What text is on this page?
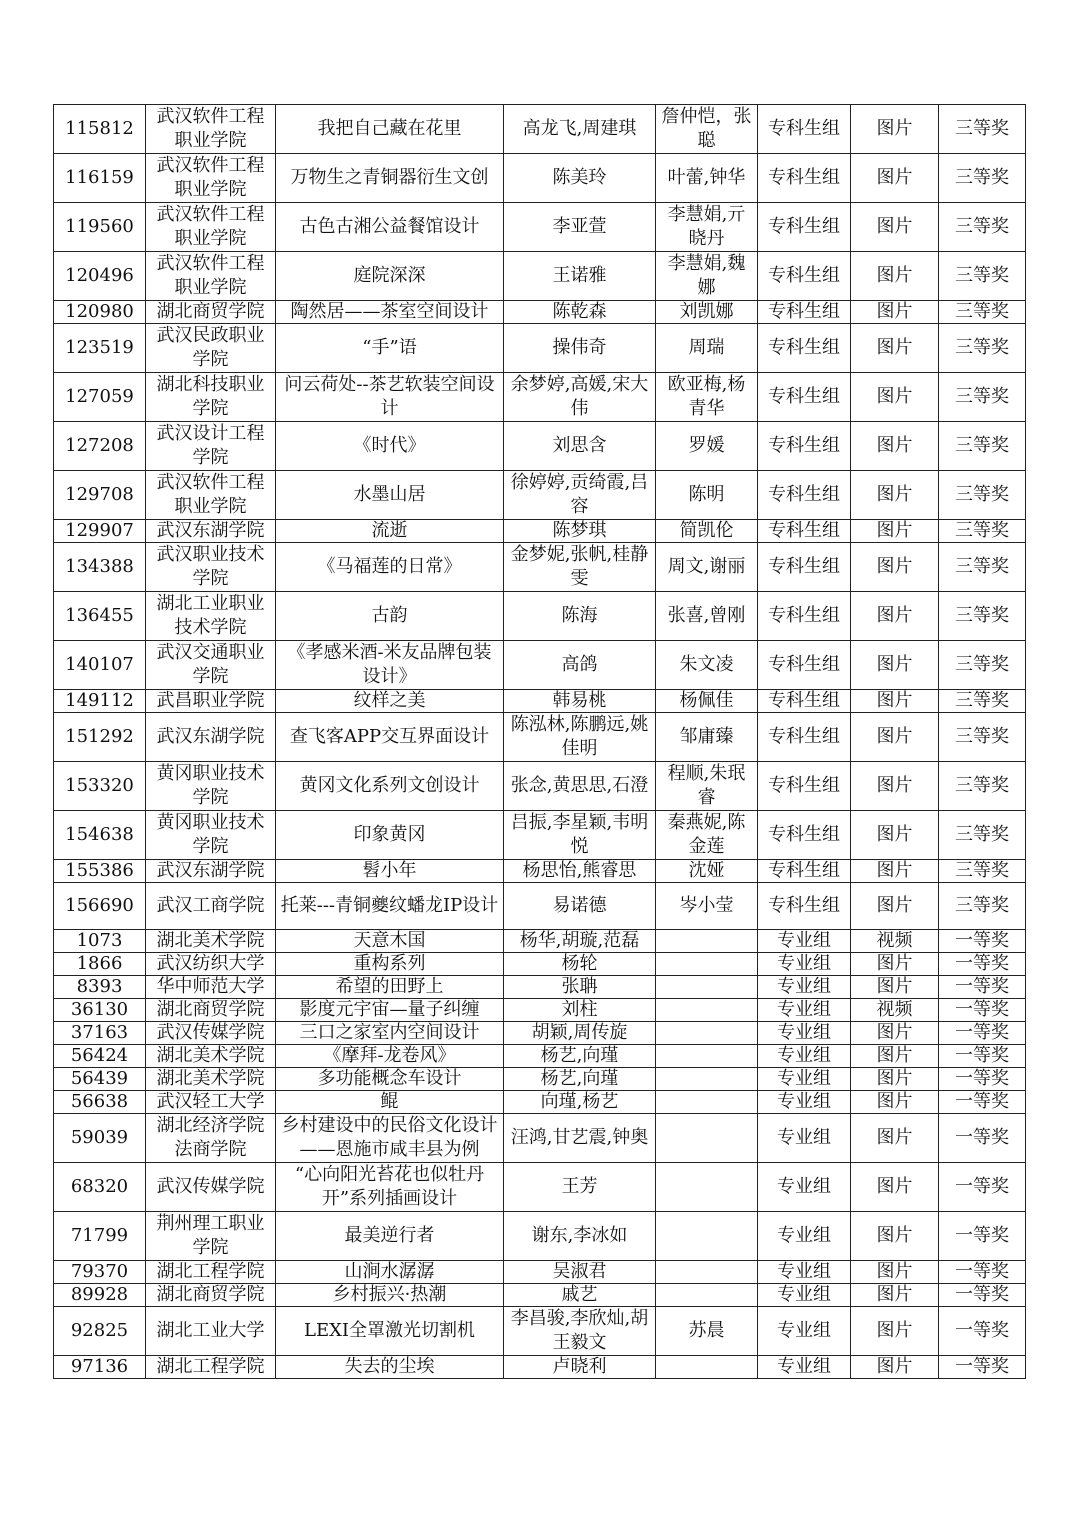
115812	武汉软件工程职业学院	我把自己藏在花里	高龙飞,周建琪	詹仲恺，张聪	专科生组	图片	三等奖
116159	武汉软件工程职业学院	万物生之青铜器衍生文创	陈美玲	叶蕾,钟华	专科生组	图片	三等奖
119560	武汉软件工程职业学院	古色古湘公益餐馆设计	李亚萱	李慧娟,亓晓丹	专科生组	图片	三等奖
120496	武汉软件工程职业学院	庭院深深	王诺雅	李慧娟,魏娜	专科生组	图片	三等奖
120980	湖北商贸学院	陶然居——茶室空间设计	陈乾森	刘凯娜	专科生组	图片	三等奖
123519	武汉民政职业学院	“手”语	操伟奇	周瑞	专科生组	图片	三等奖
127059	湖北科技职业学院	问云荷处--茶艺软装空间设计	余梦婷,高媛,宋大伟	欧亚梅,杨青华	专科生组	图片	三等奖
127208	武汉设计工程学院	《时代》	刘思含	罗媛	专科生组	图片	三等奖
129708	武汉软件工程职业学院	水墨山居	徐婷婷,贡绮霞,吕容	陈明	专科生组	图片	三等奖
129907	武汉东湖学院	流逝	陈梦琪	简凯伦	专科生组	图片	三等奖
134388	武汉职业技术学院	《马福莲的日常》	金梦妮,张帆,桂静雯	周文,谢丽	专科生组	图片	三等奖
136455	湖北工业职业技术学院	古韵	陈海	张喜,曾刚	专科生组	图片	三等奖
140107	武汉交通职业学院	《孝感米酒-米友品牌包装设计》	高鸽	朱文凌	专科生组	图片	三等奖
149112	武昌职业学院	纹样之美	韩易桃	杨佩佳	专科生组	图片	三等奖
151292	武汉东湖学院	查飞客APP交互界面设计	陈泓林,陈鹏远,姚佳明	邹庸臻	专科生组	图片	三等奖
153320	黄冈职业技术学院	黄冈文化系列文创设计	张念,黄思思,石澄	程顺,朱珉睿	专科生组	图片	三等奖
154638	黄冈职业技术学院	印象黄冈	吕振,李星颖,韦明悦	秦燕妮,陈金莲	专科生组	图片	三等奖
155386	武汉东湖学院	髫小年	杨思怡,熊睿思	沈娅	专科生组	图片	三等奖
156690	武汉工商学院	托莱---青铜夔纹蟠龙IP设计	易诺德	岑小莹	专科生组	图片	三等奖
1073	湖北美术学院	天意木国	杨华,胡璇,范磊		专业组	视频	一等奖
1866	武汉纺织大学	重构系列	杨轮		专业组	图片	一等奖
8393	华中师范大学	希望的田野上	张聃		专业组	图片	一等奖
36130	湖北商贸学院	影度元宇宙—量子纠缠	刘柱		专业组	视频	一等奖
37163	武汉传媒学院	三口之家室内空间设计	胡颖,周传旋		专业组	图片	一等奖
56424	湖北美术学院	《摩拜-龙卷风》	杨艺,向瑾		专业组	图片	一等奖
56439	湖北美术学院	多功能概念车设计	杨艺,向瑾		专业组	图片	一等奖
56638	武汉轻工大学	鲲	向瑾,杨艺		专业组	图片	一等奖
59039	湖北经济学院法商学院	乡村建设中的民俗文化设计——恩施市咸丰县为例	汪鸿,甘艺震,钟奥		专业组	图片	一等奖
68320	武汉传媒学院	“心向阳光苔花也似牡丹开”系列插画设计	王芳		专业组	图片	一等奖
71799	荆州理工职业学院	最美逆行者	谢东,李冰如		专业组	图片	一等奖
79370	湖北工程学院	山涧水潺潺	吴淑君		专业组	图片	一等奖
89928	湖北商贸学院	乡村振兴·热潮	戚艺		专业组	图片	一等奖
92825	湖北工业大学	LEXI全罩激光切割机	李昌骏,李欣灿,胡王毅文	苏晨	专业组	图片	一等奖
97136	湖北工程学院	失去的尘埃	卢晓利		专业组	图片	一等奖
